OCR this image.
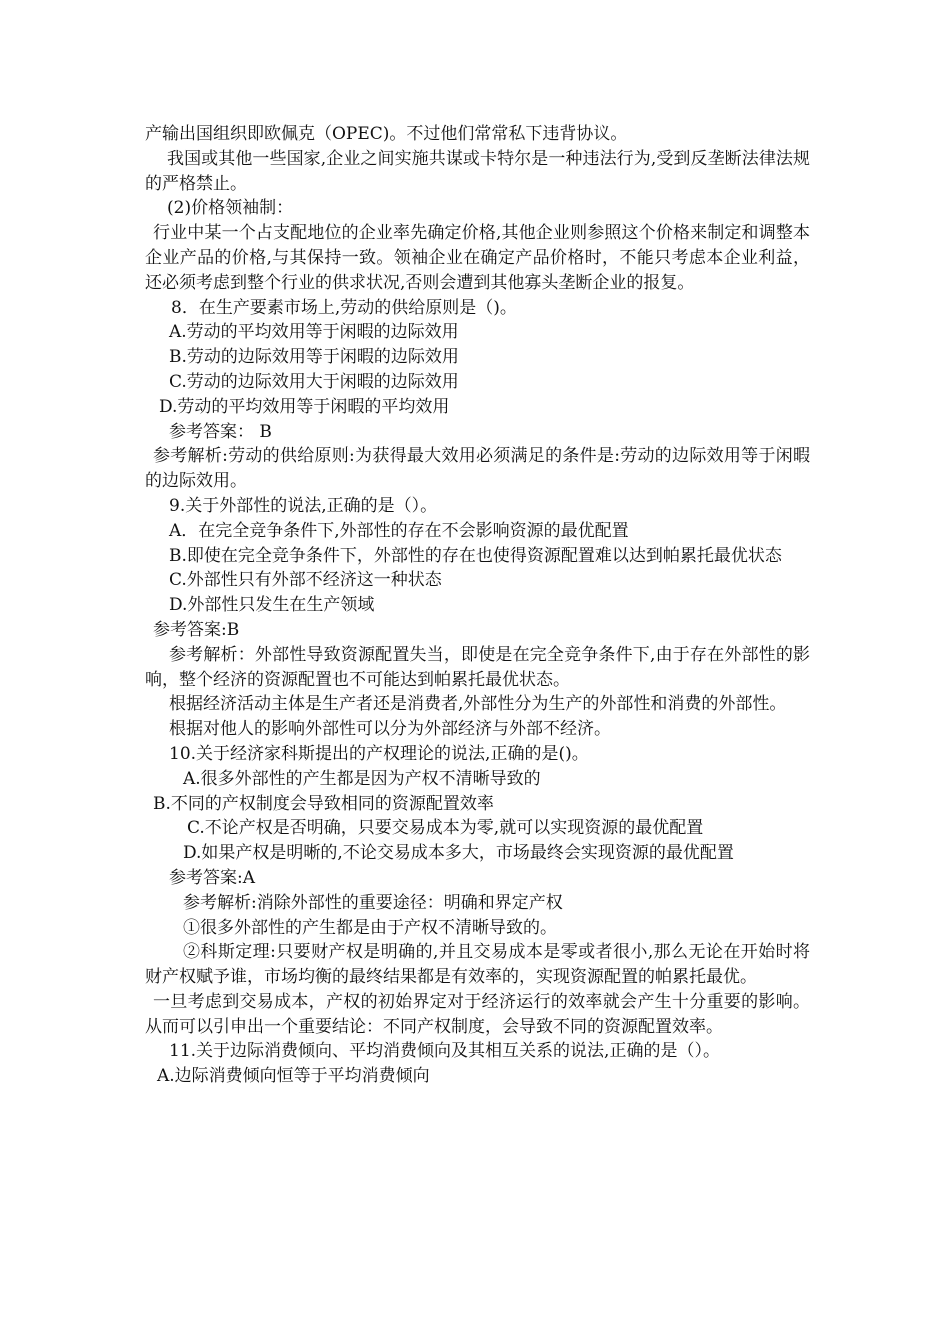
产输出国组织即欧佩克（OPEC)。不过他们常常私下违背协议。

我国或其他一些国家,企业之间实施共谋或卡特尔是一种违法行为,受到反垄断法律法规的严格禁止。

(2)价格领袖制：

行业中某一个占支配地位的企业率先确定价格,其他企业则参照这个价格来制定和调整本企业产品的价格,与其保持一致。领袖企业在确定产品价格时，不能只考虑本企业利益，还必须考虑到整个行业的供求状况,否则会遭到其他寡头垄断企业的报复。

8．在生产要素市场上,劳动的供给原则是（)。

A.劳动的平均效用等于闲暇的边际效用

B.劳动的边际效用等于闲暇的边际效用

C.劳动的边际效用大于闲暇的边际效用

D.劳动的平均效用等于闲暇的平均效用

参考答案： B

参考解析:劳动的供给原则:为获得最大效用必须满足的条件是:劳动的边际效用等于闲暇的边际效用。

9.关于外部性的说法,正确的是（）。

A．在完全竞争条件下,外部性的存在不会影响资源的最优配置

B.即使在完全竞争条件下，外部性的存在也使得资源配置难以达到帕累托最优状态

C.外部性只有外部不经济这一种状态

D.外部性只发生在生产领域

参考答案:B

参考解析：外部性导致资源配置失当，即使是在完全竞争条件下,由于存在外部性的影响，整个经济的资源配置也不可能达到帕累托最优状态。

根据经济活动主体是生产者还是消费者,外部性分为生产的外部性和消费的外部性。

根据对他人的影响外部性可以分为外部经济与外部不经济。

10.关于经济家科斯提出的产权理论的说法,正确的是()。

A.很多外部性的产生都是因为产权不清晰导致的

B.不同的产权制度会导致相同的资源配置效率

C.不论产权是否明确，只要交易成本为零,就可以实现资源的最优配置

D.如果产权是明晰的,不论交易成本多大，市场最终会实现资源的最优配置

参考答案:A

参考解析:消除外部性的重要途径：明确和界定产权

①很多外部性的产生都是由于产权不清晰导致的。

②科斯定理:只要财产权是明确的,并且交易成本是零或者很小,那么无论在开始时将财产权赋予谁，市场均衡的最终结果都是有效率的，实现资源配置的帕累托最优。

一旦考虑到交易成本，产权的初始界定对于经济运行的效率就会产生十分重要的影响。从而可以引申出一个重要结论：不同产权制度，会导致不同的资源配置效率。

11.关于边际消费倾向、平均消费倾向及其相互关系的说法,正确的是（）。

A.边际消费倾向恒等于平均消费倾向
